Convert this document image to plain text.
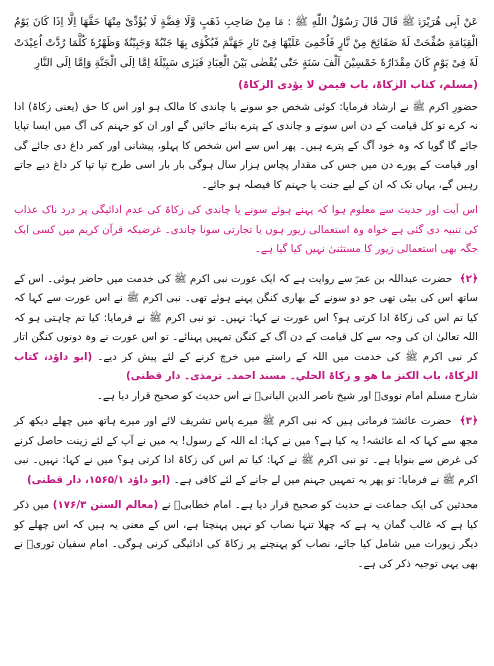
عَنْ اَبِی هُرَیْرَۃَ ﷺ قَالَ قَالَ رَسُوْلُ اللّٰهِ ﷺ : مَا مِنْ صَاحِبِ ذَهَبٍ وَّلَا فِضَّةٍ لَا یُؤَدِّیْ مِنْهَا حَقَّهَا اِلَّا اِذَا کَانَ یَوْمُ الْقِیَامَةِ صُفِّحَتْ لَهٗ صَفَائِحَ مِنْ نَّارٍ فَاُحْمِیَ عَلَیْهَا فِیْ نَارِ جَهَنَّمَ فَیُکْوٰی بِهَا جَنْبُهٗ وَجَبِیْنُهٗ وَظَهْرُهٗ کُلَّمَا رُدَّتْ اُعِیْدَتْ لَهٗ فِیْ یَوْمٍ کَانَ مِقْدَارُهٗ خَمْسِیْنَ اَلْفَ سَنَةٍ حَتّٰی یُقْضٰی بَیْنَ الْعِبَادِ فَیَرٰی سَبِیْلَهٗ اِمَّا اِلَی الْجَنَّةِ وَاِمَّا اِلَی النَّارِ

(مسلم، کتاب الزکاۃ، باب فیمن لا یؤدی الزکاۃ)

حضورِ اکرم ﷺ نے ارشاد فرمایا: کوئی شخص جو سونے یا چاندی کا مالک ہو اور اس کا حق (یعنی زکاۃ) ادا نہ کرے تو کل قیامت کے دن اس سونے و چاندی کے پترے بنائے جائیں گے اور ان کو جہنم کی آگ میں ایسا تپایا جائے گا گویا کہ وہ خود آگ کے پترے ہیں۔ پھر اس سے اس شخص کا پہلو، پیشانی اور کمر داغ دی جائے گی اور قیامت کے پورے دن میں جس کی مقدار پچاس ہزار سال ہوگی بار بار اسی طرح تپا تپا کر داغ دیے جاتے رہیں گے، یہاں تک کہ ان کے لیے جنت یا جہنم کا فیصلہ ہو جائے۔

اس آیت اور حدیث سے معلوم ہوا کہ پہنے ہوئے سونے یا چاندی کی زکاۃ کی عدم ادائیگی پر درد ناک عذاب کی تنبیہ دی گئی ہے خواہ وہ استعمالی زیور ہوں یا تجارتی سونا چاندی۔ غرضیکہ قرآن کریم میں کسی ایک جگہ بھی استعمالی زیور کا مستثنیٰ نہیں کیا گیا ہے۔

﴿۲﴾ حضرت عبداللہ بن عمرؓ سے روایت ہے کہ ایک عورت نبی اکرم ﷺ کی خدمت میں حاضر ہوئی۔ اس کے ساتھ اس کی بیٹی تھی جو دو سونے کے بھاری کنگن پہنے ہوئے تھی۔ نبی اکرم ﷺ نے اس عورت سے کہا کہ کیا تم اس کی زکاۃ ادا کرتی ہو؟ اس عورت نے کہا: نہیں۔ تو نبی اکرم ﷺ نے فرمایا: کیا تم چاہتی ہو کہ اللہ تعالیٰ ان کی وجہ سے کل قیامت کے دن آگ کے کنگن تمہیں پہنائے۔ تو اس عورت نے وہ دونوں کنگن اتار کر نبی اکرم ﷺ کی خدمت میں اللہ کے راستے میں خرچ کرنے کے لئے پیش کر دیے۔ (ابو داؤد، کتاب الزکاۃ، باب الکنز ما هو و زکاۃ الحلي۔ مسند احمد۔ ترمذی۔ دار قطنی)
شارح مسلم امام نوویؒ اور شیخ ناصر الدین البانیؒ نے اس حدیث کو صحیح قرار دیا ہے۔

﴿۳﴾ حضرت عائشہؓ فرماتی ہیں کہ نبی اکرم ﷺ میرے پاس تشریف لائے اور میرے ہاتھ میں چھلے دیکھ کر مجھ سے کہا کہ اے عائشہ! یہ کیا ہے؟ میں نے کہا: اے اللہ کے رسول! یہ میں نے آپ کے لئے زینت حاصل کرنے کی غرض سے بنوایا ہے۔ تو نبی اکرم ﷺ نے کہا: کیا تم اس کی زکاۃ ادا کرتی ہو؟ میں نے کہا: نہیں۔ نبی اکرم ﷺ نے فرمایا: تو پھر یہ تمہیں جہنم میں لے جانے کے لئے کافی ہے۔ (ابو داؤد ۱۵۶۵/۱، دار قطنی)

محدثین کی ایک جماعت نے حدیث کو صحیح قرار دیا ہے۔ امام خطابیؒ نے (معالم السنن ۱۷۶/۳) میں ذکر کیا ہے کہ غالب گمان یہ ہے کہ چھلا تنہا نصاب کو نہیں پہنچتا ہے، اس کے معنی یہ ہیں کہ اس چھلے کو دیگر زیورات میں شامل کیا جائے، نصاب کو پہنچنے پر زکاۃ کی ادائیگی کرنی ہوگی۔ امام سفیان ثوریؒ نے بھی یہی توجیہ ذکر کی ہے۔
